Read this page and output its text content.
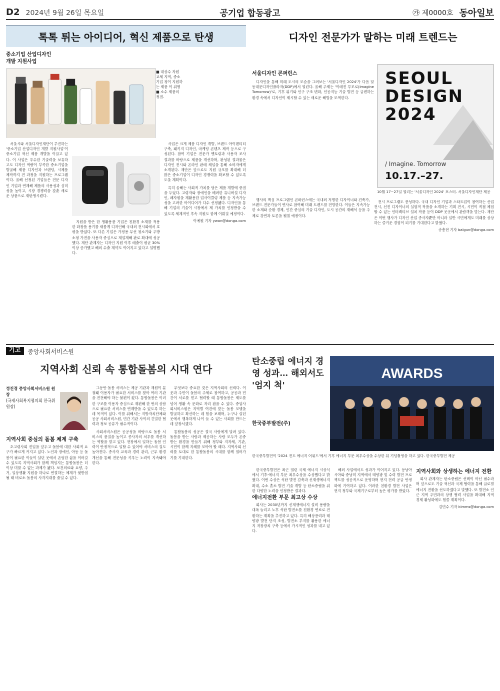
D2 2024년 9월 26일 목요일	공기업 합동광고	㉮ 제0000호 동아일보
톡톡 튀는 아이디어, 혁신 제품으로 탄생
중소기업 산업디자인
개발 지원사업
■ 대상수 자원 교체 지역, 중소기업 청이 지원하는 제품 이 위생 ■ 소수 제품의 정점.

서울시와 서울디자인재단이 추진하는 '중소기업 산업디자인 개발 지원사업'이 중소기업 혁신 제품 개발을 이끌고 있다. 이 사업은 우수한 기술력을 보유하고도 디자인 역량이 부족한 중소기업을 발굴해 제품 디자인과 브랜딩, 시제품 제작까지 전 과정을 지원하는 프로그램이다. 올해 선정된 기업들은 전문 디자인 기업과 연계해 제품의 사용성과 심미성을 높이고, 시장 경쟁력을 갖춘 새로운 상품으로 재탄생시켰다.

지원을 받은 한 생활용품 기업은 친환경 소재를 적용한 화장품 용기를 새롭게 디자인해 국내외 전시회에서 호평을 받았다. 또 다른 기업은 가정용 무선 청소기와 주방 소형 가전을 사용자 중심으로 재설계해 판로 확대에 성공했다. 재단 관계자는 디자인 지원 이후 매출이 평균 30% 이상 증가했고 해외 수출 계약도 이어지고 있다고 설명했다.

사업은 크게 제품 디자인 개발, 브랜드 아이덴티티 구축, 패키지 디자인, 마케팅 콘텐츠 제작 등으로 구성된다. 참여 기업은 전문가 멘토링과 사용자 조사 결과를 바탕으로 제품을 개선하며, 완성된 결과물은 디자인 전시와 온라인 판매 채널을 통해 소비자에게 소개된다. 재단은 앞으로도 지원 규모를 확대해 더 많은 중소기업이 디자인 경쟁력을 확보할 수 있도록 도울 계획이다.

특히 올해는 사회적 가치를 담은 제품 개발에 중점을 두었다. 고령자와 장애인을 배려한 유니버설 디자인, 폐자원을 재활용한 업사이클링 제품 등 지속가능성을 고려한 아이디어가 다수 선정됐다. 디자인을 통해 기업의 기술이 시장에서 제 가치를 인정받을 수 있도록 체계적인 후속 지원도 함께 이뤄질 예정이다.

이예원 기자 ywon@donga.com

디자인 전문가가 말하는 미래 트렌드는
서울디자인 콘퍼런스

디자인을 통해 미래 도시의 모습을 그려보는 '서울디자인 2024'가 다음 달 동대문디자인플라자(DDP)에서 열린다. 올해 주제는 '이매진 투모로(Imagine Tomorrow)'로, 기후 위기와 인구 구조 변화, 인공지능 기술 발전 등 급변하는 환경 속에서 디자인이 제시할 수 있는 새로운 해법을 모색한다.

SEOUL
DESIGN
2024
/ Imagine. Tomorrow
10.17.–27.
10월 17~27일 열리는 '서울디자인 2024' 포스터. 서울디자인재단 제공

행사의 핵심 프로그램인 콘퍼런스에는 국내외 저명한 디자이너와 건축가, 브랜드 전문가들이 연사로 참여해 미래 트렌드를 전망한다. 이들은 지속가능한 소재와 순환 경제, 인간 중심의 기술 디자인, 도시 공간의 재해석 등을 주제로 강연과 토론을 펼칠 예정이다.

전시 프로그램도 풍성하다. 국내 디자인 기업과 스타트업이 참여하는 산업 전시, 신진 디자이너의 실험적 작품을 소개하는 기획 전시, 시민이 직접 체험할 수 있는 인터랙티브 설치 작품 등이 DDP 곳곳에서 관람객을 맞는다. 재단은 이번 행사가 디자인 산업 종사자뿐만 아니라 일반 시민에게도 미래를 상상하는 즐거운 경험이 되기를 기대한다고 밝혔다.

송충현 기자 balgun@donga.com

기고	중앙사회서비스원
지역사회 신뢰 속 통합돌봄의 시대 연다
정진경 중앙사회서비스원 원장
(국제사회복지협의회 한국위원장)
지역사회 중심의 돌봄 체계 구축

초고령사회 진입을 앞두고 돌봄에 대한 사회적 요구가 빠르게 커지고 있다. 노인과 장애인, 아동 등 돌봄이 필요한 이들이 살던 곳에서 존엄한 삶을 이어갈 수 있도록 지역사회가 함께 책임지는 통합돌봄은 더 이상 미룰 수 없는 과제가 됐다. 보건의료와 요양, 주거, 일상생활 지원을 하나로 연결하는 체계가 뒷받침될 때 비로소 돌봄의 사각지대를 줄일 수 있다.

그동안 돌봄 서비스는 제공 기관과 재원이 분절돼 이용자가 필요한 서비스를 찾아 여러 기관을 전전해야 하는 불편이 컸다. 통합돌봄은 이러한 구조를 이용자 중심으로 재편해 한 번의 상담으로 필요한 서비스를 연계받을 수 있도록 하는 데 목적이 있다. 이를 위해서는 지방자치단체와 공공 사회서비스원, 민간 기관 사이의 긴밀한 협력과 정보 공유가 필수적이다.

사회서비스원은 공공성을 바탕으로 돌봄 서비스의 품질을 높이고 종사자의 처우를 개선하는 역할을 맡고 있다. 현장에서 일하는 돌봄 인력이 안정적으로 일할 수 있어야 서비스의 질도 높아진다. 종사자 교육과 경력 관리, 근무 환경 개선을 통해 전문성을 키우는 노력이 지속돼야 한다.

무엇보다 중요한 것은 지역사회의 신뢰다. 이웃과 주민이 돌봄의 주체로 참여하고, 공공과 민간이 서로를 믿고 협력할 때 통합돌봄은 제도를 넘어 생활 속 문화로 자리 잡을 수 있다. 중앙사회서비스원은 지역별 여건에 맞는 돌봄 모델을 발굴하고 확산하는 데 힘을 보태며, 누구나 살던 곳에서 행복하게 나이 들 수 있는 사회를 만드는 데 앞장서겠다.

통합돌봄의 성공은 결국 사람에게 달려 있다. 돌봄을 받는 사람과 제공하는 사람 모두가 존중받는 환경을 만들기 위해 정부와 지자체, 기관, 시민이 함께 지혜를 모아야 할 때다. 지역사회 신뢰를 토대로 한 통합돌봄의 시대를 함께 열어가기를 기대한다.

탄소중립 에너지 경영 성과… 해외서도 '엄지 척'
한국중부발전(주)
AWARDS
한국중부발전이 '2024 전도 에너지 어워드'에서 기후 에너지 부문 최우수상을 수상한 뒤 기념촬영을 하고 있다. 한국중부발전 제공

한국중부발전은 최근 열린 국제 에너지 시상식에서 기후·에너지 부문 최우수상을 수상했다고 밝혔다. 이번 수상은 석탄 발전 감축과 신재생에너지 확대, 수소 혼소 발전 기술 개발 등 탄소중립을 위한 다양한 노력을 인정받은 결과다.

에너지전환 부문 최고상 수상

회사는 2030년까지 신재생에너지 설비 용량을 대폭 늘리고 노후 석탄 발전소를 친환경 연료로 전환하는 계획을 추진하고 있다. 특히 해상풍력과 태양광 발전 단지 조성, 발전소 부지를 활용한 에너지 저장장치 구축 등에서 가시적인 성과를 내고 있다.

해외 사업에서도 성과가 이어지고 있다. 동남아시아와 중남미 지역에서 태양광 및 수력 발전 프로젝트를 성공적으로 운영하며 현지 전력 공급 안정화에 기여하고 있다. 이러한 친환경 발전 사업은 현지 정부와 국제기구로부터 높은 평가를 받았다.

지역사회와 상생하는 에너지 전환

회사 관계자는 탄소중립은 선택이 아닌 필수라며 앞으로도 기술 혁신과 국제 협력을 통해 글로벌 에너지 전환을 선도하겠다고 말했다. 또 발전소 인근 지역 주민과의 상생 협력 사업을 확대해 지역 경제 활성화에도 힘쓸 계획이다.

김민수 기자 kimms@donga.com
